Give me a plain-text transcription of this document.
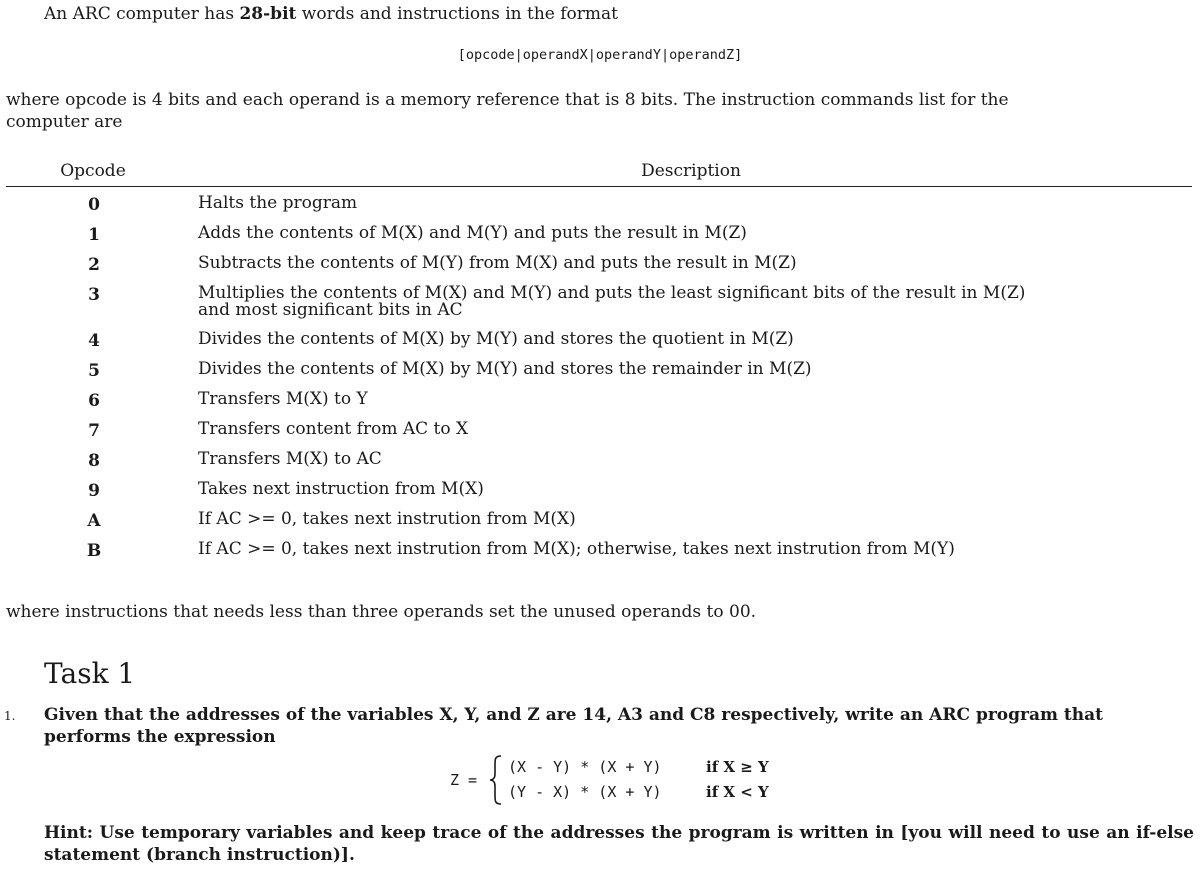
An ARC computer has 28-bit words and instructions in the format
[opcode|operandX|operandY|operandZ]
where opcode is 4 bits and each operand is a memory reference that is 8 bits. The instruction commands list for the
computer are
Opcode	Description
0	Halts the program
1	Adds the contents of M(X) and M(Y) and puts the result in M(Z)
2	Subtracts the contents of M(Y) from M(X) and puts the result in M(Z)
3	Multiplies the contents of M(X) and M(Y) and puts the least significant bits of the result in M(Z)
and most significant bits in AC
4	Divides the contents of M(X) by M(Y) and stores the quotient in M(Z)
5	Divides the contents of M(X) by M(Y) and stores the remainder in M(Z)
6	Transfers M(X) to Y
7	Transfers content from AC to X
8	Transfers M(X) to AC
9	Takes next instruction from M(X)
A	If AC >= 0, takes next instrution from M(X)
B	If AC >= 0, takes next instrution from M(X); otherwise, takes next instrution from M(Y)
where instructions that needs less than three operands set the unused operands to 00.
Task 1
1. Given that the addresses of the variables X, Y, and Z are 14, A3 and C8 respectively, write an ARC program that performs the expression
Z =
(X - Y) * (X + Y)	if X ≥ Y
(Y - X) * (X + Y)	if X < Y
Hint: Use temporary variables and keep trace of the addresses the program is written in [you will need to use an if-else statement (branch instruction)].
